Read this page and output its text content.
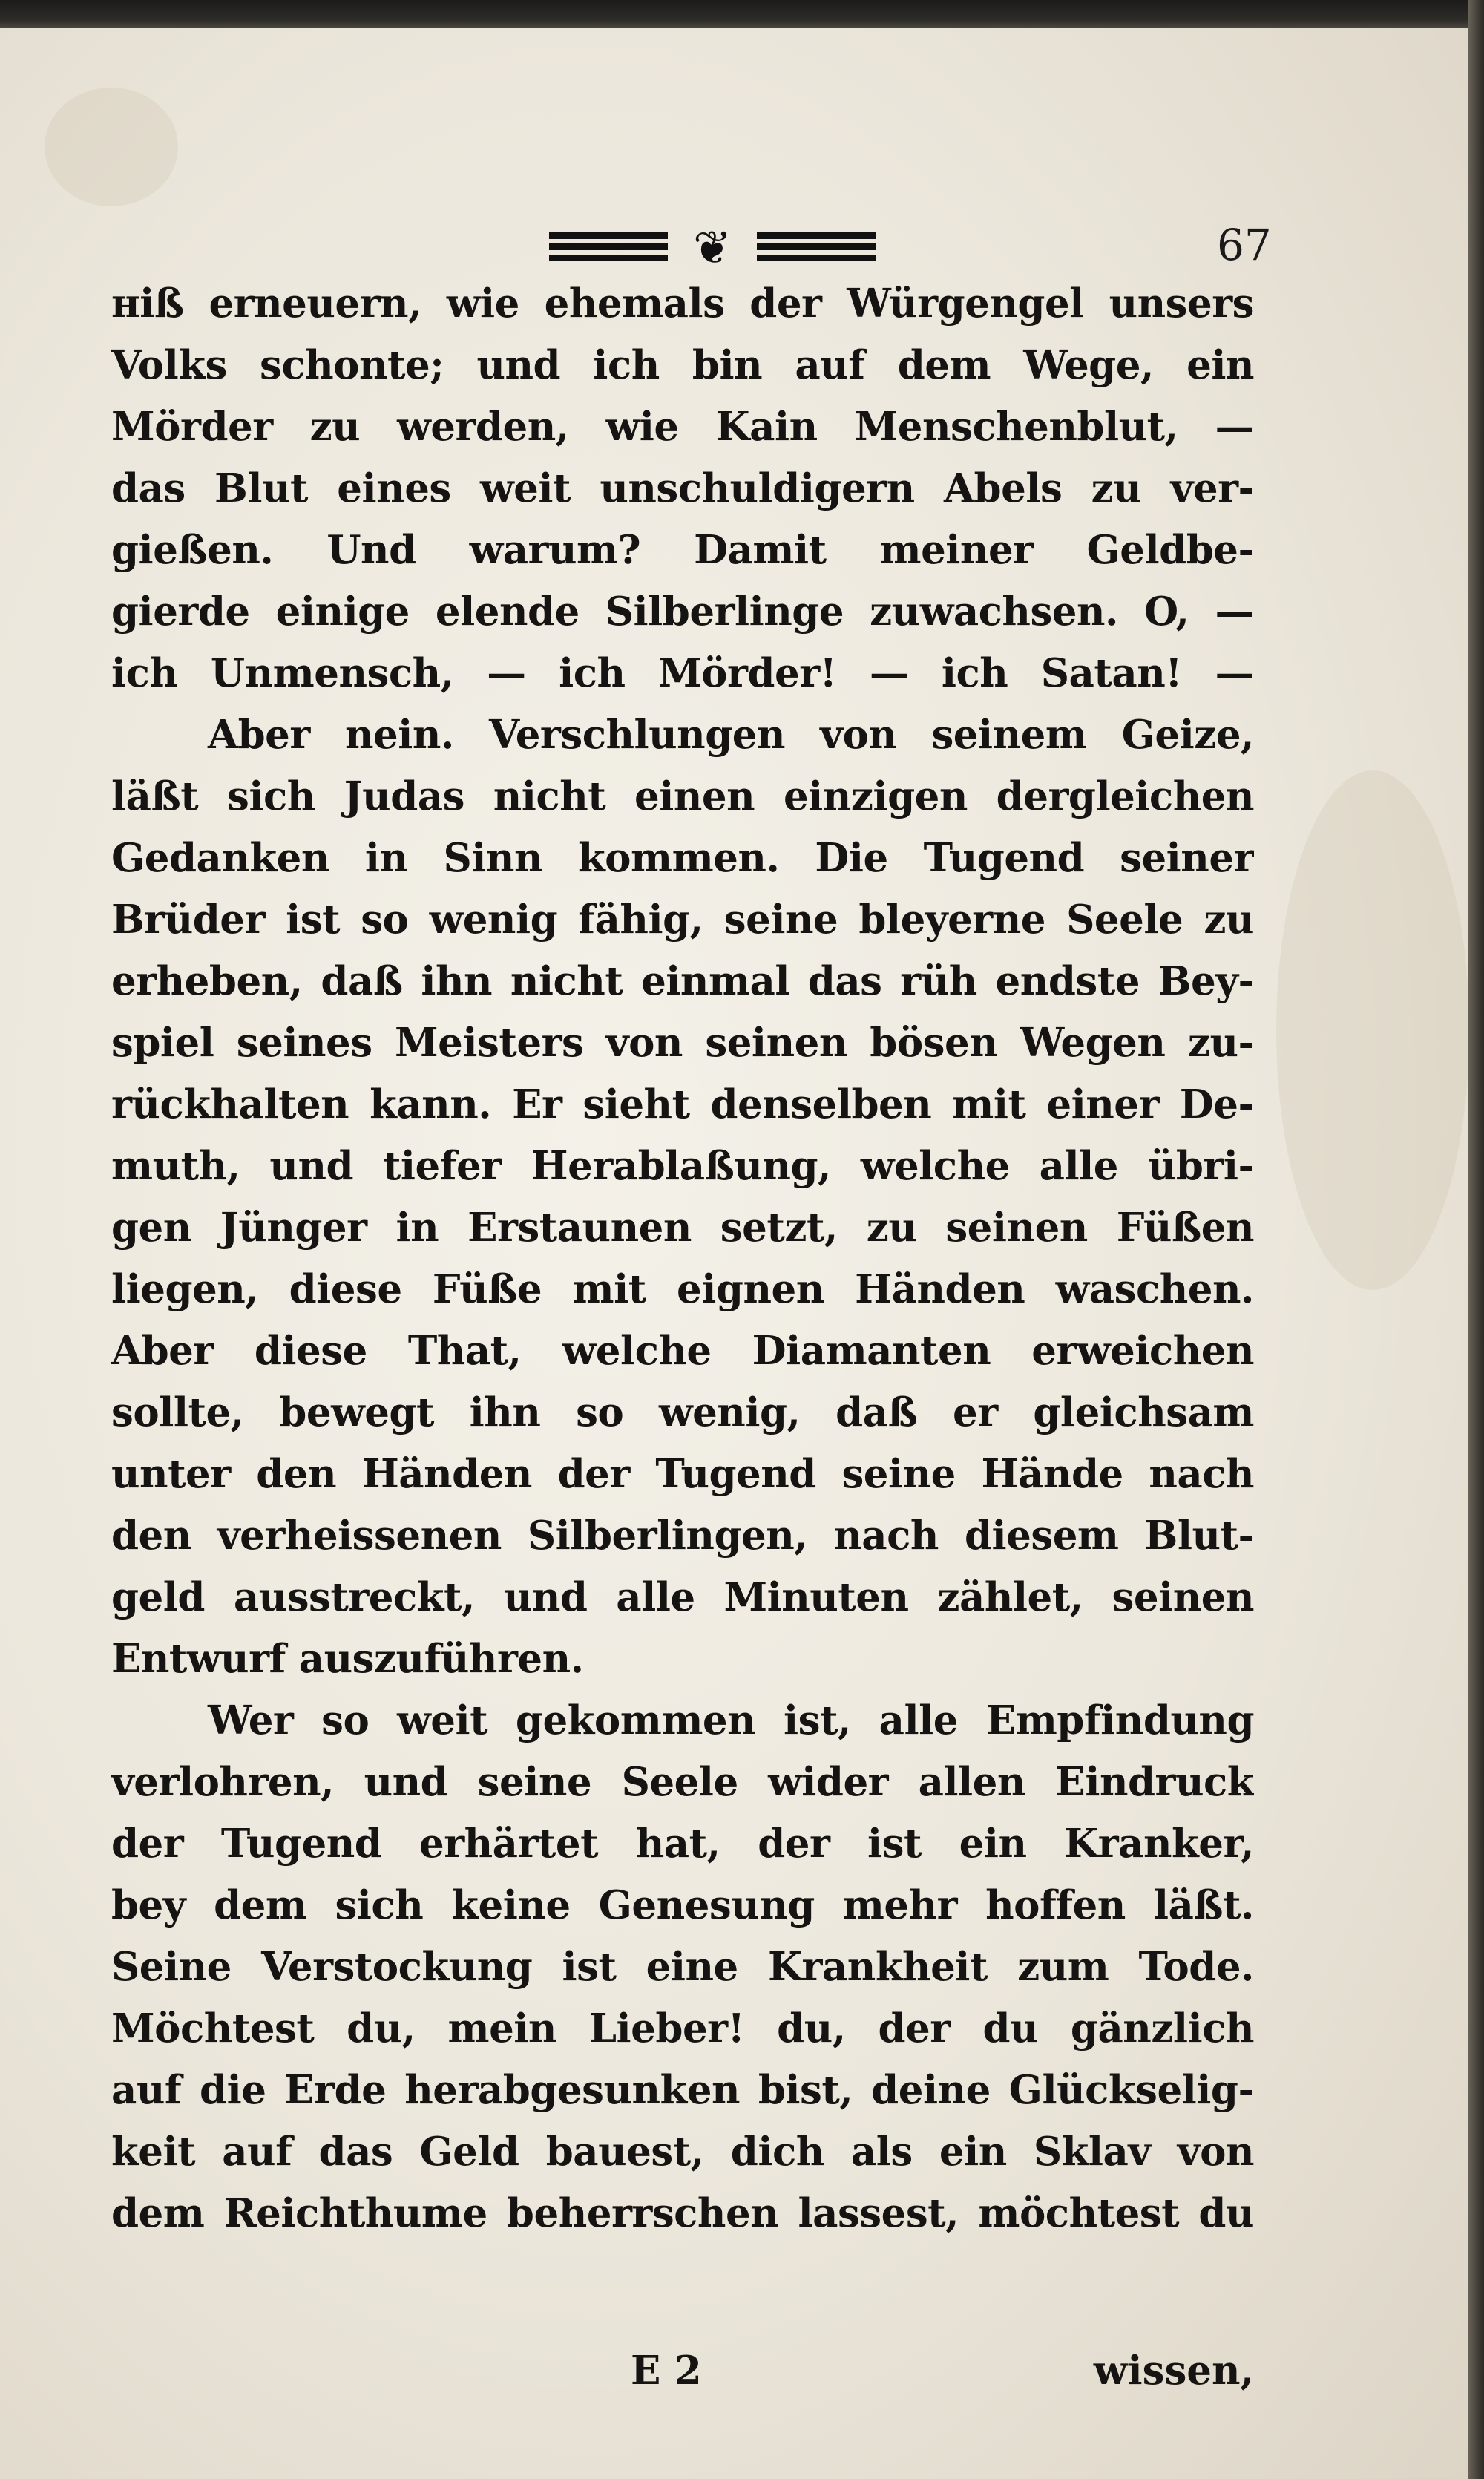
❦	67
ніß erneuern, wie ehemals der Würgengel unsers
Volks schonte; und ich bin auf dem Wege, ein
Mörder zu werden, wie Kain Menschenblut, —
das Blut eines weit unschuldigern Abels zu ver-
gießen. Und warum? Damit meiner Geldbe-
gierde einige elende Silberlinge zuwachsen. O, —
ich Unmensch, — ich Mörder! — ich Satan! —
Aber nein. Verschlungen von seinem Geize,
läßt sich Judas nicht einen einzigen dergleichen
Gedanken in Sinn kommen. Die Tugend seiner
Brüder ist so wenig fähig, seine bleyerne Seele zu
erheben, daß ihn nicht einmal das rüh endste Bey-
spiel seines Meisters von seinen bösen Wegen zu-
rückhalten kann. Er sieht denselben mit einer De-
muth, und tiefer Herablaßung, welche alle übri-
gen Jünger in Erstaunen setzt, zu seinen Füßen
liegen, diese Füße mit eignen Händen waschen.
Aber diese That, welche Diamanten erweichen
sollte, bewegt ihn so wenig, daß er gleichsam
unter den Händen der Tugend seine Hände nach
den verheissenen Silberlingen, nach diesem Blut-
geld ausstreckt, und alle Minuten zählet, seinen
Entwurf auszuführen.
Wer so weit gekommen ist, alle Empfindung
verlohren, und seine Seele wider allen Eindruck
der Tugend erhärtet hat, der ist ein Kranker,
bey dem sich keine Genesung mehr hoffen läßt.
Seine Verstockung ist eine Krankheit zum Tode.
Möchtest du, mein Lieber! du, der du gänzlich
auf die Erde herabgesunken bist, deine Glückselig-
keit auf das Geld bauest, dich als ein Sklav von
dem Reichthume beherrschen lassest, möchtest du
E 2	wissen,
